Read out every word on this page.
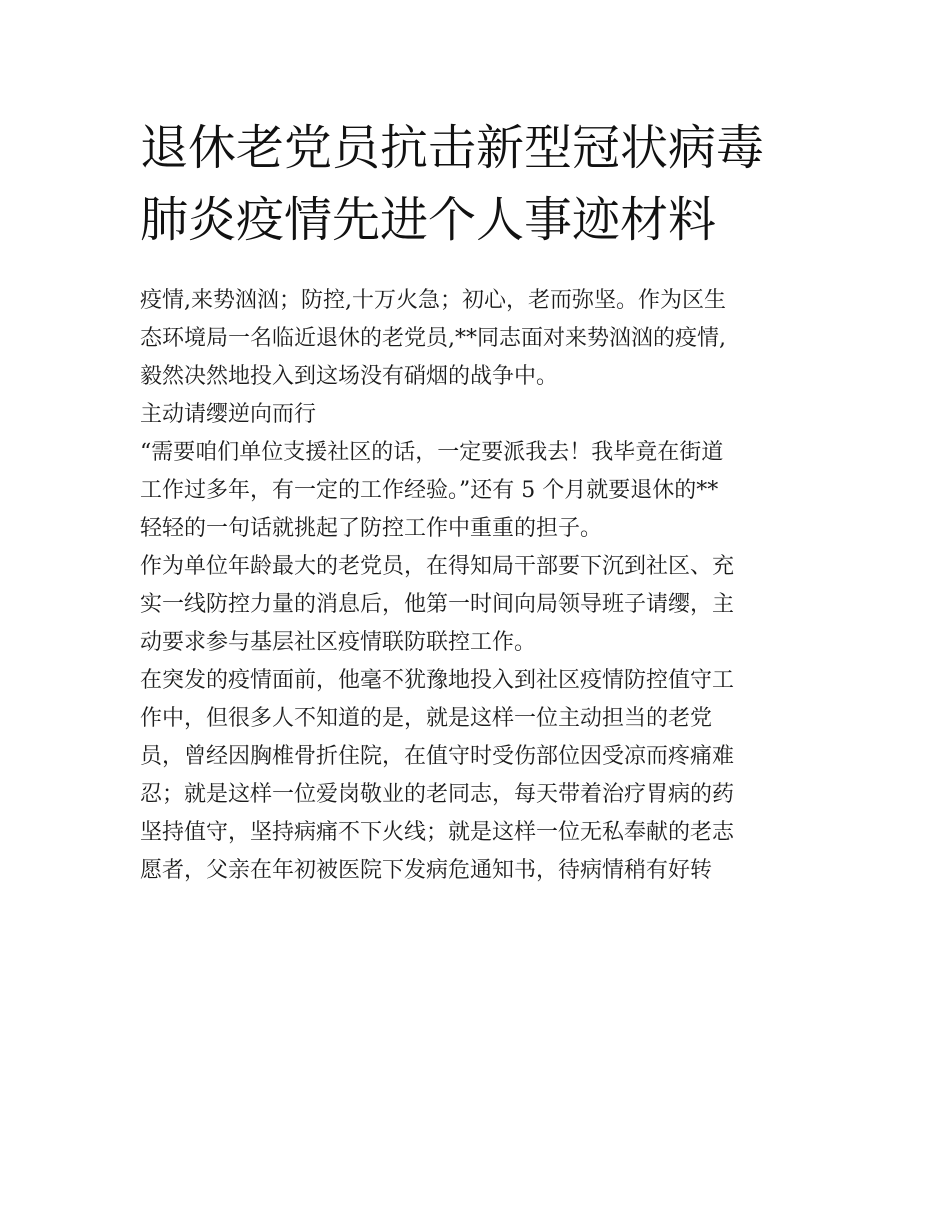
退休老党员抗击新型冠状病毒
肺炎疫情先进个人事迹材料

疫情,来势汹汹；防控,十万火急；初心，老而弥坚。作为区生
态环境局一名临近退休的老党员,**同志面对来势汹汹的疫情,
毅然决然地投入到这场没有硝烟的战争中。

主动请缨逆向而行

“需要咱们单位支援社区的话，一定要派我去！我毕竟在街道
工作过多年，有一定的工作经验。”还有 5 个月就要退休的**
轻轻的一句话就挑起了防控工作中重重的担子。

作为单位年龄最大的老党员，在得知局干部要下沉到社区、充
实一线防控力量的消息后，他第一时间向局领导班子请缨，主
动要求参与基层社区疫情联防联控工作。

在突发的疫情面前，他毫不犹豫地投入到社区疫情防控值守工
作中，但很多人不知道的是，就是这样一位主动担当的老党
员，曾经因胸椎骨折住院，在值守时受伤部位因受凉而疼痛难
忍；就是这样一位爱岗敬业的老同志，每天带着治疗胃病的药
坚持值守，坚持病痛不下火线；就是这样一位无私奉献的老志
愿者，父亲在年初被医院下发病危通知书，待病情稍有好转
